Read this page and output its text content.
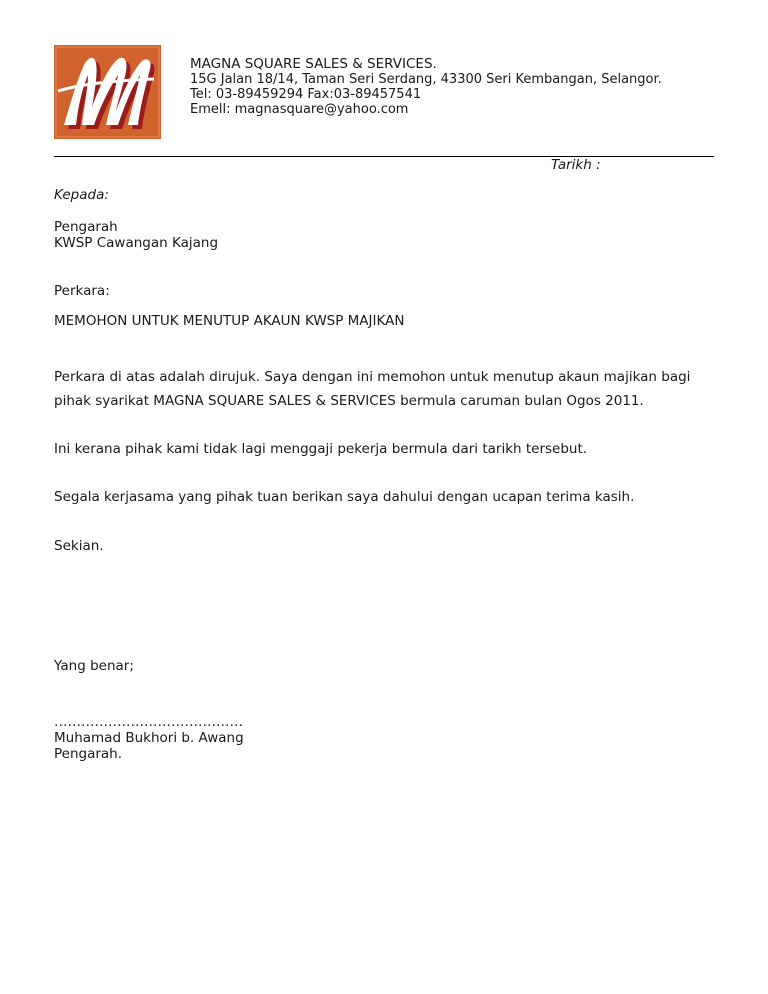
MAGNA SQUARE SALES & SERVICES.
15G Jalan 18/14, Taman Seri Serdang, 43300 Seri Kembangan, Selangor.
Tel: 03-89459294 Fax:03-89457541
Emell: magnasquare@yahoo.com
Tarikh :
Kepada:
Pengarah
KWSP Cawangan Kajang
Perkara:
MEMOHON UNTUK MENUTUP AKAUN KWSP MAJIKAN
Perkara di atas adalah dirujuk. Saya dengan ini memohon untuk menutup akaun majikan bagi
pihak syarikat MAGNA SQUARE SALES & SERVICES bermula caruman bulan Ogos 2011.
Ini kerana pihak kami tidak lagi menggaji pekerja bermula dari tarikh tersebut.
Segala kerjasama yang pihak tuan berikan saya dahului dengan ucapan terima kasih.
Sekian.
Yang benar;
……………………………………
Muhamad Bukhori b. Awang
Pengarah.
